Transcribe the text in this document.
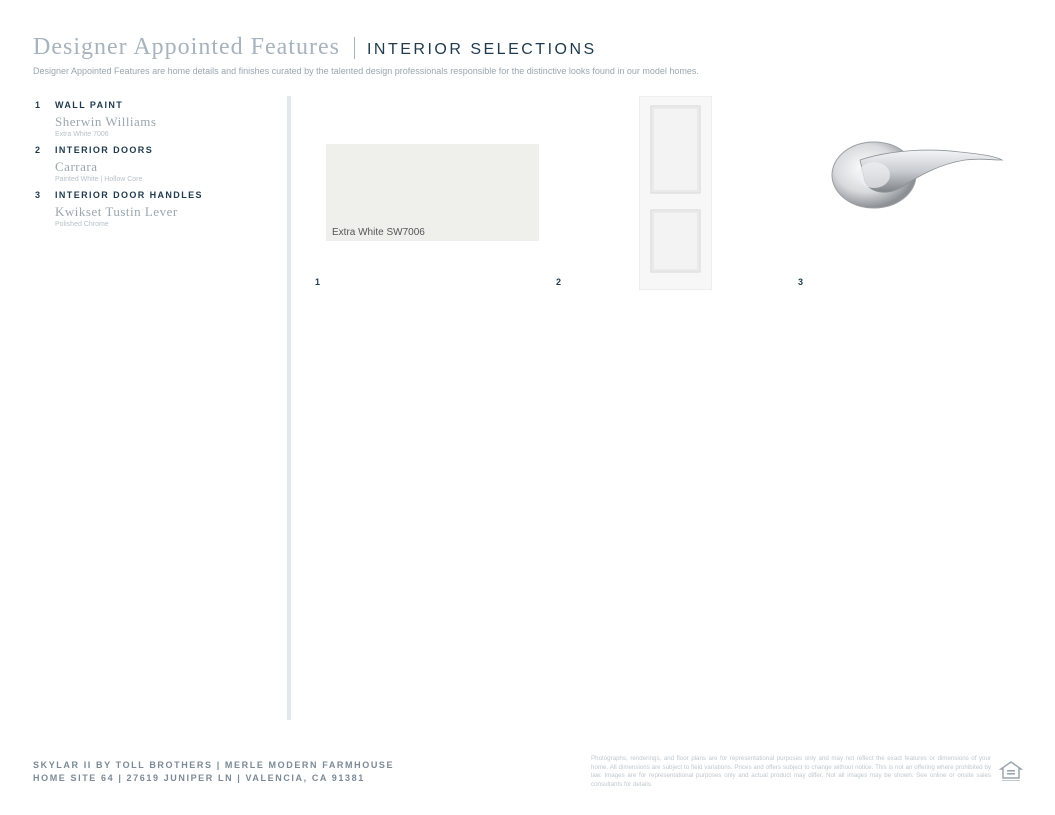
Designer Appointed Features INTERIOR SELECTIONS
Designer Appointed Features are home details and finishes curated by the talented design professionals responsible for the distinctive looks found in our model homes.
1	WALL PAINT
Sherwin Williams
Extra White 7006
2	INTERIOR DOORS
Carrara
Painted White | Hollow Core
3	INTERIOR DOOR HANDLES
Kwikset Tustin Lever
Polished Chrome
Extra White SW7006
1	2	3
SKYLAR II BY TOLL BROTHERS | MERLE MODERN FARMHOUSE
HOME SITE 64 | 27619 JUNIPER LN | VALENCIA, CA 91381
Photographs, renderings, and floor plans are for representational purposes only and may not reflect the exact features or dimensions of your home. All dimensions are subject to field variations. Prices and offers subject to change without notice. This is not an offering where prohibited by law. Images are for representational purposes only and actual product may differ. Not all images may be shown. See online or onsite sales consultants for details.
